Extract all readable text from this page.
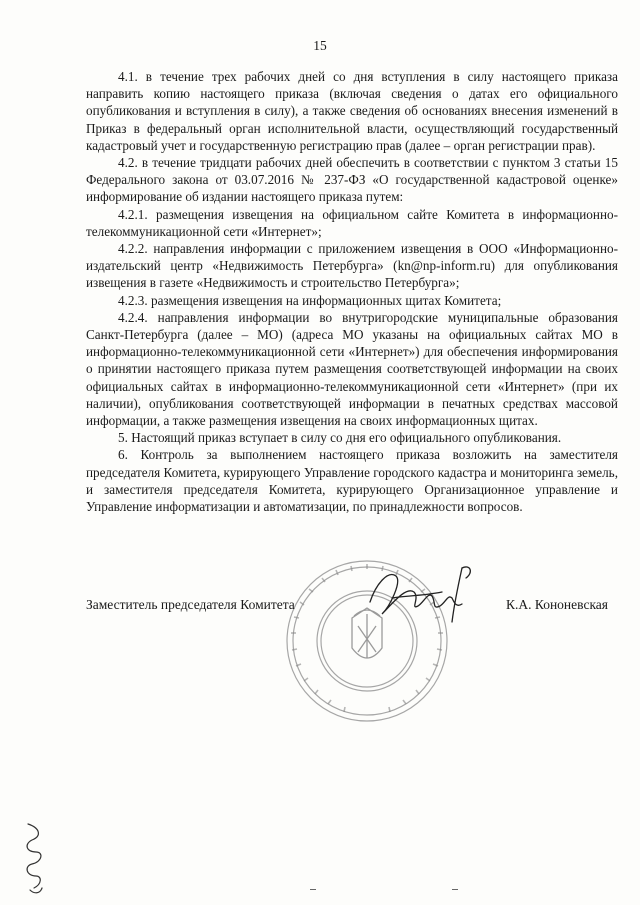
15

4.1. в течение трех рабочих дней со дня вступления в силу настоящего приказа направить копию настоящего приказа (включая сведения о датах его официального опубликования и вступления в силу), а также сведения об основаниях внесения изменений в Приказ в федеральный орган исполнительной власти, осуществляющий государственный кадастровый учет и государственную регистрацию прав (далее – орган регистрации прав).

4.2. в течение тридцати рабочих дней обеспечить в соответствии с пунктом 3 статьи 15 Федерального закона от 03.07.2016 № 237-ФЗ «О государственной кадастровой оценке» информирование об издании настоящего приказа путем:

4.2.1. размещения извещения на официальном сайте Комитета в информационно-телекоммуникационной сети «Интернет»;

4.2.2. направления информации с приложением извещения в ООО «Информационно-издательский центр «Недвижимость Петербурга» (kn@np-inform.ru) для опубликования извещения в газете «Недвижимость и строительство Петербурга»;

4.2.3. размещения извещения на информационных щитах Комитета;

4.2.4. направления информации во внутригородские муниципальные образования Санкт-Петербурга (далее – МО) (адреса МО указаны на официальных сайтах МО в информационно-телекоммуникационной сети «Интернет») для обеспечения информирования о принятии настоящего приказа путем размещения соответствующей информации на своих официальных сайтах в информационно-телекоммуникационной сети «Интернет» (при их наличии), опубликования соответствующей информации в печатных средствах массовой информации, а также размещения извещения на своих информационных щитах.

5. Настоящий приказ вступает в силу со дня его официального опубликования.

6. Контроль за выполнением настоящего приказа возложить на заместителя председателя Комитета, курирующего Управление городского кадастра и мониторинга земель, и заместителя председателя Комитета, курирующего Организационное управление и Управление информатизации и автоматизации, по принадлежности вопросов.

Заместитель председателя Комитета	К.А. Кононевская
